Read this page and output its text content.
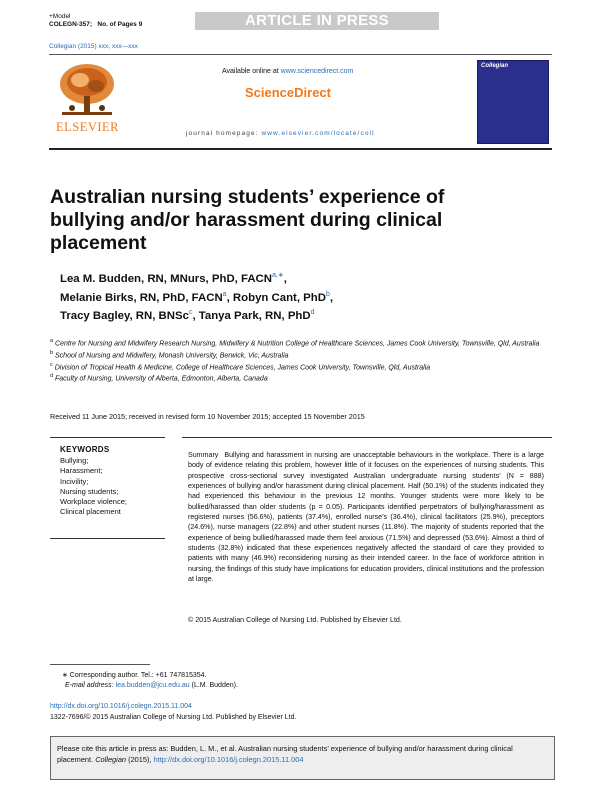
+Model
COLEGN-357; No. of Pages 9	ARTICLE IN PRESS
Collegian (2015) xxx, xxx—xxx
ELSEVIER
Available online at www.sciencedirect.com
ScienceDirect
journal homepage: www.elsevier.com/locate/coll
Collegian
Australian nursing students’ experience of bullying and/or harassment during clinical placement
Lea M. Budden, RN, MNurs, PhD, $FACN^{a,∗}$,
Melanie Birks, RN, PhD, FACN$^a$, Robyn Cant, PhD$^b$,
Tracy Bagley, RN, BNSc$^c$, Tanya Park, RN, PhD$^d$
$^a$ Centre for Nursing and Midwifery Research Nursing, Midwifery & Nutrition College of Healthcare Sciences, James Cook University, Townsville, Qld, Australia
$^b$ School of Nursing and Midwifery, Monash University, Berwick, Vic, Australia
$^c$ Division of Tropical Health & Medicine, College of Healthcare Sciences, James Cook University, Townsville, Qld, Australia
$^d$ Faculty of Nursing, University of Alberta, Edmonton, Alberta, Canada
Received 11 June 2015; received in revised form 10 November 2015; accepted 15 November 2015
KEYWORDS
Bullying;
Harassment;
Incivility;
Nursing students;
Workplace violence;
Clinical placement
Summary Bullying and harassment in nursing are unacceptable behaviours in the workplace. There is a large body of evidence relating this problem, however little of it focuses on the experiences of nursing students. This prospective cross-sectional survey investigated Australian undergraduate nursing students’ (N = 888) experiences of bullying and/or harassment during clinical placement. Half (50.1%) of the students indicated they had experienced this behaviour in the previous 12 months. Younger students were more likely to be bullied/harassed than older students (p = 0.05). Participants identified perpetrators of bullying/harassment as registered nurses (56.6%), patients (37.4%), enrolled nurse’s (36.4%), clinical facilitators (25.9%), preceptors (24.6%), nurse managers (22.8%) and other student nurses (11.8%). The majority of students reported that the experience of being bullied/harassed made them feel anxious (71.5%) and depressed (53.6%). Almost a third of students (32.8%) indicated that these experiences negatively affected the standard of care they provided to patients with many (46.9%) reconsidering nursing as their intended career. In the face of workforce attrition in nursing, the findings of this study have implications for education providers, clinical institutions and the profession at large.
© 2015 Australian College of Nursing Ltd. Published by Elsevier Ltd.
∗ Corresponding author. Tel.: +61 747815354.
E-mail address: lea.budden@jcu.edu.au (L.M. Budden).
http://dx.doi.org/10.1016/j.colegn.2015.11.004
1322-7696/© 2015 Australian College of Nursing Ltd. Published by Elsevier Ltd.
Please cite this article in press as: Budden, L. M., et al. Australian nursing students’ experience of bullying and/or harassment during clinical placement. Collegian (2015), http://dx.doi.org/10.1016/j.colegn.2015.11.004
